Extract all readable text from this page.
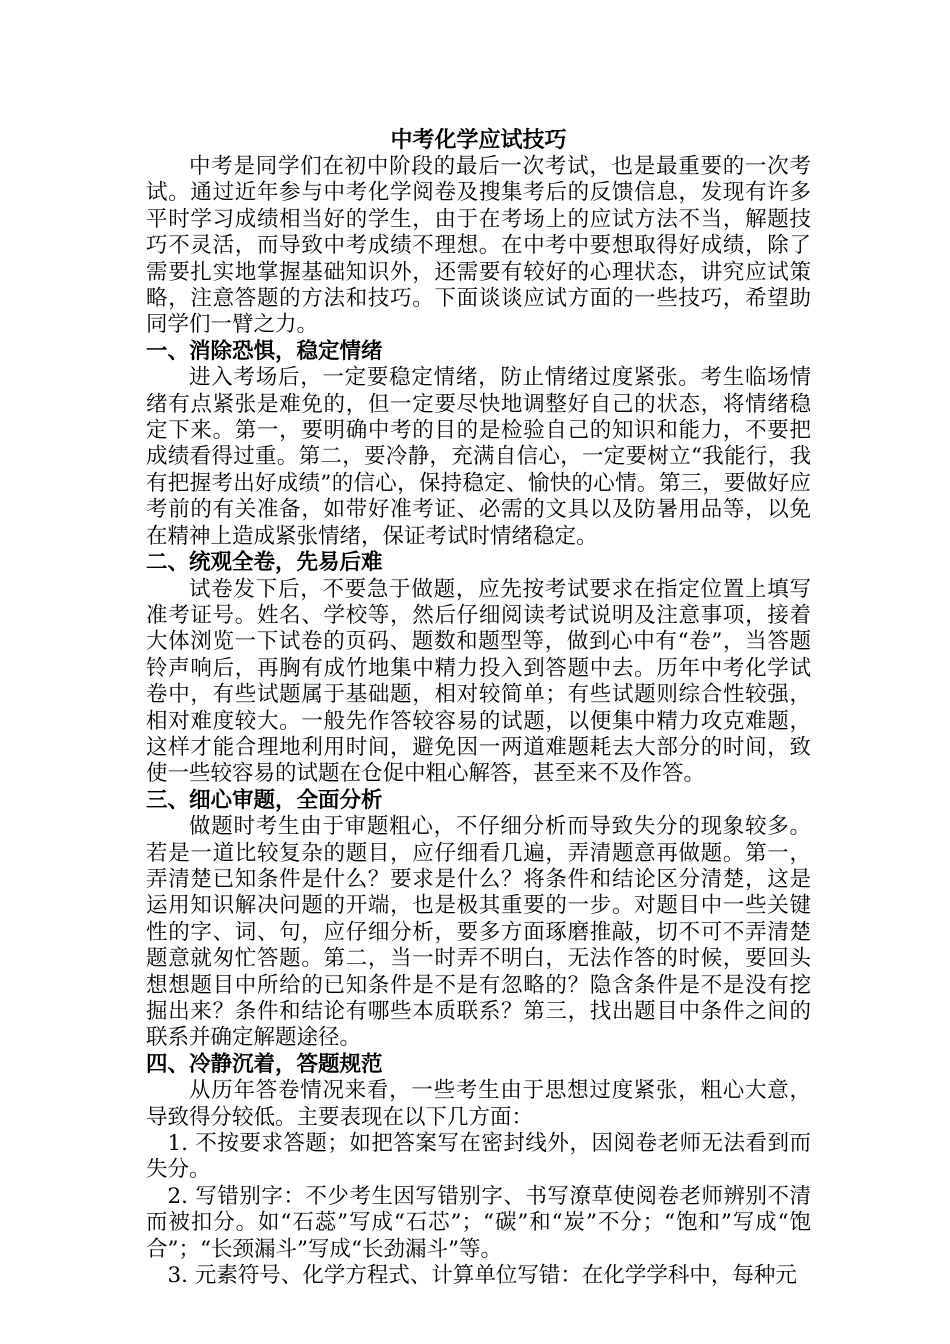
中考化学应试技巧

中考是同学们在初中阶段的最后一次考试，也是最重要的一次考试。通过近年参与中考化学阅卷及搜集考后的反馈信息，发现有许多平时学习成绩相当好的学生，由于在考场上的应试方法不当，解题技巧不灵活，而导致中考成绩不理想。在中考中要想取得好成绩，除了需要扎实地掌握基础知识外，还需要有较好的心理状态，讲究应试策略，注意答题的方法和技巧。下面谈谈应试方面的一些技巧，希望助同学们一臂之力。

一、消除恐惧，稳定情绪

进入考场后，一定要稳定情绪，防止情绪过度紧张。考生临场情绪有点紧张是难免的，但一定要尽快地调整好自己的状态，将情绪稳定下来。第一，要明确中考的目的是检验自己的知识和能力，不要把成绩看得过重。第二，要冷静，充满自信心，一定要树立“我能行，我有把握考出好成绩”的信心，保持稳定、愉快的心情。第三，要做好应考前的有关准备，如带好准考证、必需的文具以及防暑用品等，以免在精神上造成紧张情绪，保证考试时情绪稳定。

二、统观全卷，先易后难

试卷发下后，不要急于做题，应先按考试要求在指定位置上填写准考证号。姓名、学校等，然后仔细阅读考试说明及注意事项，接着大体浏览一下试卷的页码、题数和题型等，做到心中有“卷”，当答题铃声响后，再胸有成竹地集中精力投入到答题中去。历年中考化学试卷中，有些试题属于基础题，相对较简单；有些试题则综合性较强，相对难度较大。一般先作答较容易的试题，以便集中精力攻克难题，这样才能合理地利用时间，避免因一两道难题耗去大部分的时间，致使一些较容易的试题在仓促中粗心解答，甚至来不及作答。

三、细心审题，全面分析

做题时考生由于审题粗心，不仔细分析而导致失分的现象较多。若是一道比较复杂的题目，应仔细看几遍，弄清题意再做题。第一，弄清楚已知条件是什么？要求是什么？将条件和结论区分清楚，这是运用知识解决问题的开端，也是极其重要的一步。对题目中一些关键性的字、词、句，应仔细分析，要多方面琢磨推敲，切不可不弄清楚题意就匆忙答题。第二，当一时弄不明白，无法作答的时候，要回头想想题目中所给的已知条件是不是有忽略的？隐含条件是不是没有挖掘出来？条件和结论有哪些本质联系？第三，找出题目中条件之间的联系并确定解题途径。

四、冷静沉着，答题规范

从历年答卷情况来看，一些考生由于思想过度紧张，粗心大意，导致得分较低。主要表现在以下几方面：

1. 不按要求答题；如把答案写在密封线外，因阅卷老师无法看到而失分。

2. 写错别字：不少考生因写错别字、书写潦草使阅卷老师辨别不清而被扣分。如“石蕊”写成“石芯”；“碳”和“炭”不分；“饱和”写成“饱合”；“长颈漏斗”写成“长劲漏斗”等。

3. 元素符号、化学方程式、计算单位写错：在化学学科中，每种元
